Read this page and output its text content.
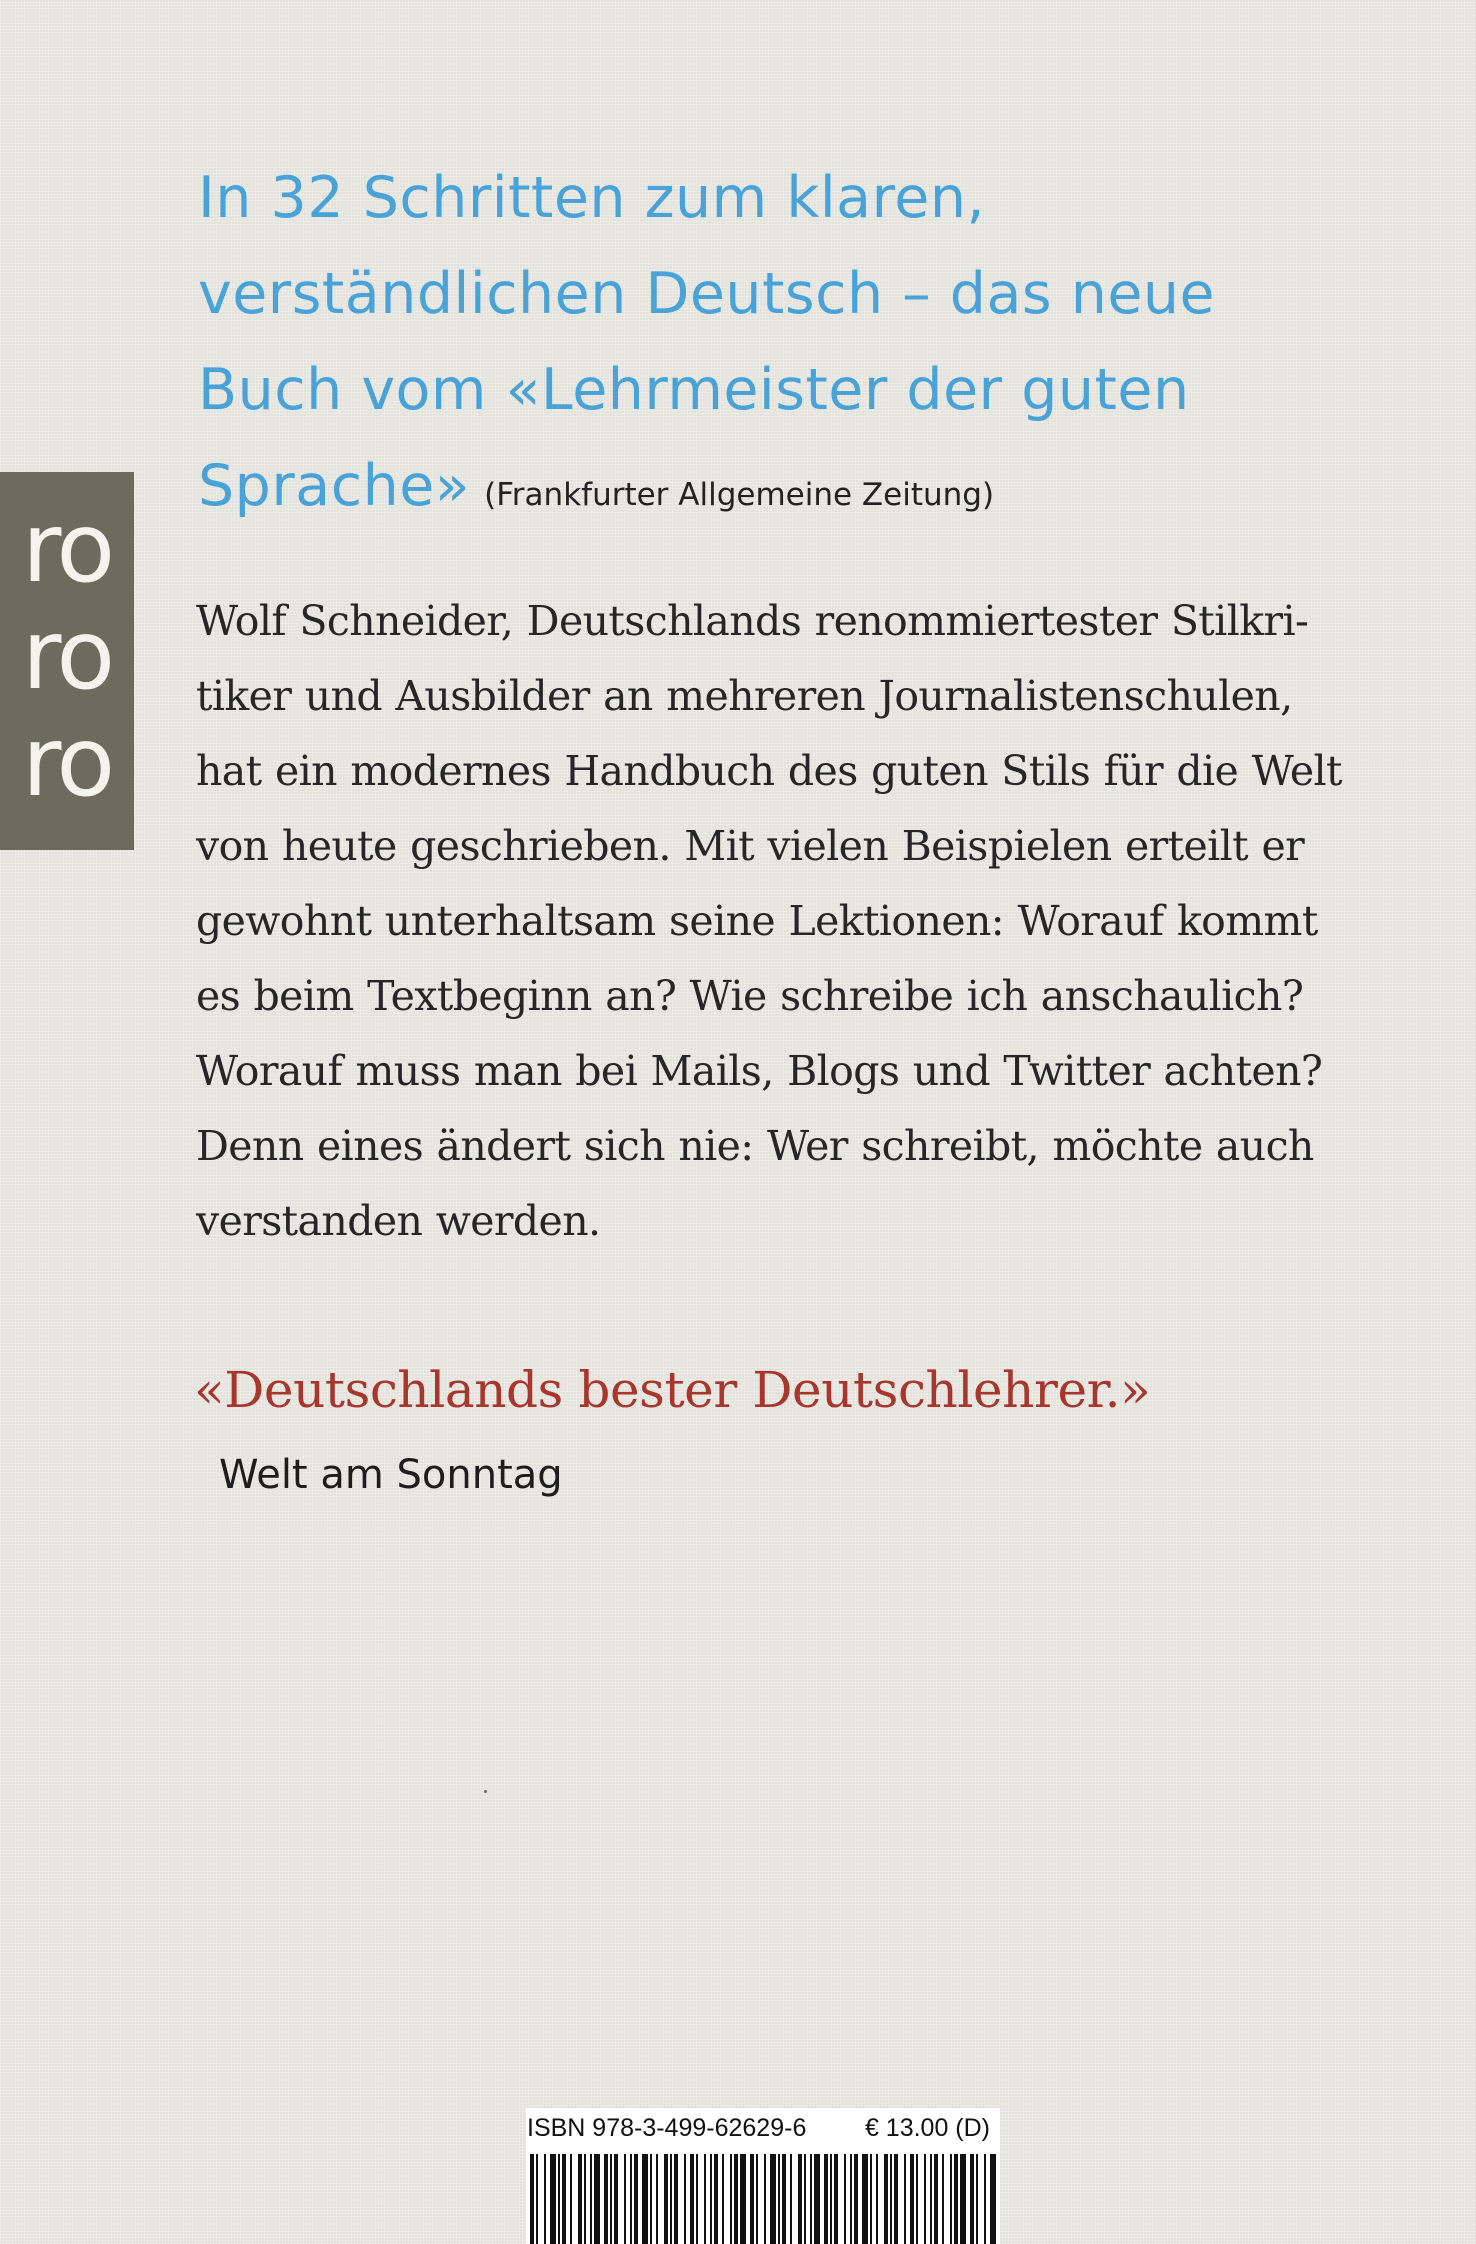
In 32 Schritten zum klaren,
verständlichen Deutsch – das neue
Buch vom «Lehrmeister der guten
Sprache» (Frankfurter Allgemeine Zeitung)
ro
ro
ro

Wolf Schneider, Deutschlands renommiertester Stilkri-
tiker und Ausbilder an mehreren Journalistenschulen,
hat ein modernes Handbuch des guten Stils für die Welt
von heute geschrieben. Mit vielen Beispielen erteilt er
gewohnt unterhaltsam seine Lektionen: Worauf kommt
es beim Textbeginn an? Wie schreibe ich anschaulich?
Worauf muss man bei Mails, Blogs und Twitter achten?
Denn eines ändert sich nie: Wer schreibt, möchte auch
verstanden werden.

«Deutschlands bester Deutschlehrer.»

Welt am Sonntag

ISBN 978-3-499-62629-6 € 13.00 (D)
